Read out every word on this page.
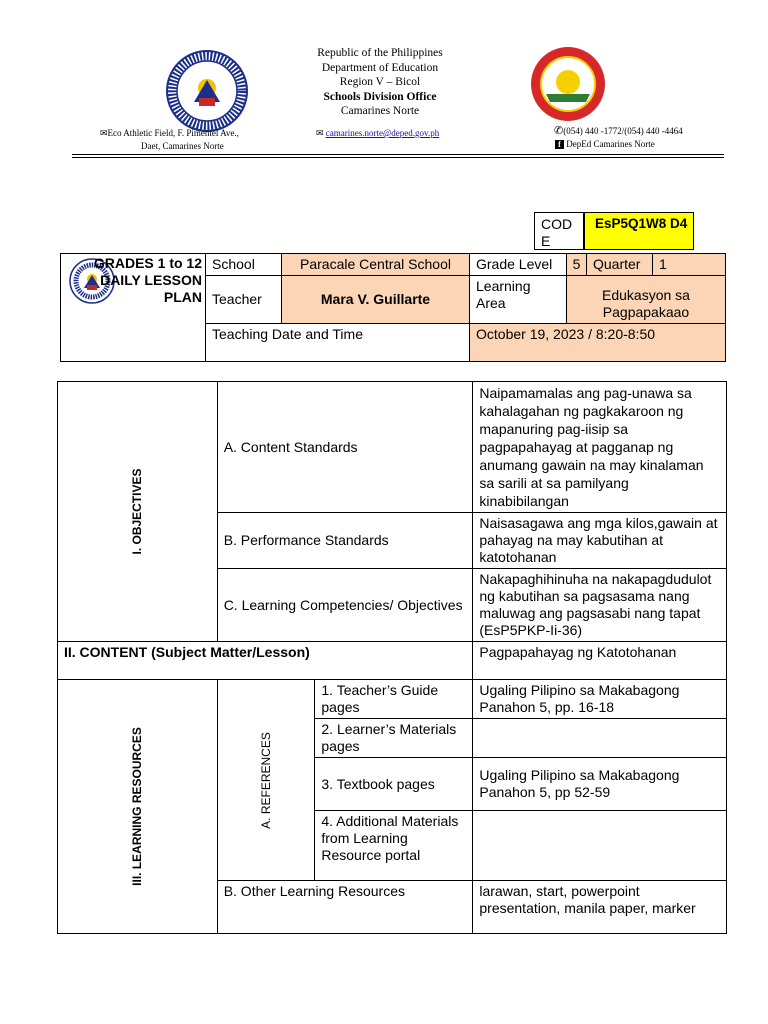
Republic of the Philippines
Department of Education
Region V – Bicol
Schools Division Office
Camarines Norte
✉Eco Athletic Field, F. Pimentel Ave.,
Daet, Camarines Norte
✉ camarines.norte@deped.gov.ph	✆(054) 440 -1772/(054) 440 -4464
f DepEd Camarines Norte
COD E
EsP5Q1W8 D4
GRADES 1 to 12 DAILY LESSON PLAN	School	Paracale Central School	Grade Level	5	Quarter	1
	Teacher	Mara V. Guillarte	Learning Area	Edukasyon sa Pagpapakaao		
	Teaching Date and Time		October 19, 2023 / 8:20-8:50			
I. OBJECTIVES	A. Content Standards		Naipamamalas ang pag-unawa sa kahalagahan ng pagkakaroon ng mapanuring pag-iisip sa pagpapahayag at pagganap ng anumang gawain na may kinalaman sa sarili at sa pamilyang kinabibilangan
	B. Performance Standards		Naisasagawa ang mga kilos,gawain at pahayag na may kabutihan at katotohanan
	C. Learning Competencies/ Objectives		Nakapaghihinuha na nakapagdudulot ng kabutihan sa pagsasama nang maluwag ang pagsasabi nang tapat (EsP5PKP-Ii-36)
II. CONTENT (Subject Matter/Lesson)			Pagpapahayag ng Katotohanan

III. LEARNING RESOURCES	A. REFERENCES	1. Teacher’s Guide pages	Ugaling Pilipino sa Makabagong Panahon 5, pp. 16-18
		2. Learner’s Materials pages	
		3. Textbook pages	Ugaling Pilipino sa Makabagong Panahon 5, pp 52-59
		4. Additional Materials from Learning Resource portal	
	B. Other Learning Resources		larawan, start, powerpoint presentation, manila paper, marker
